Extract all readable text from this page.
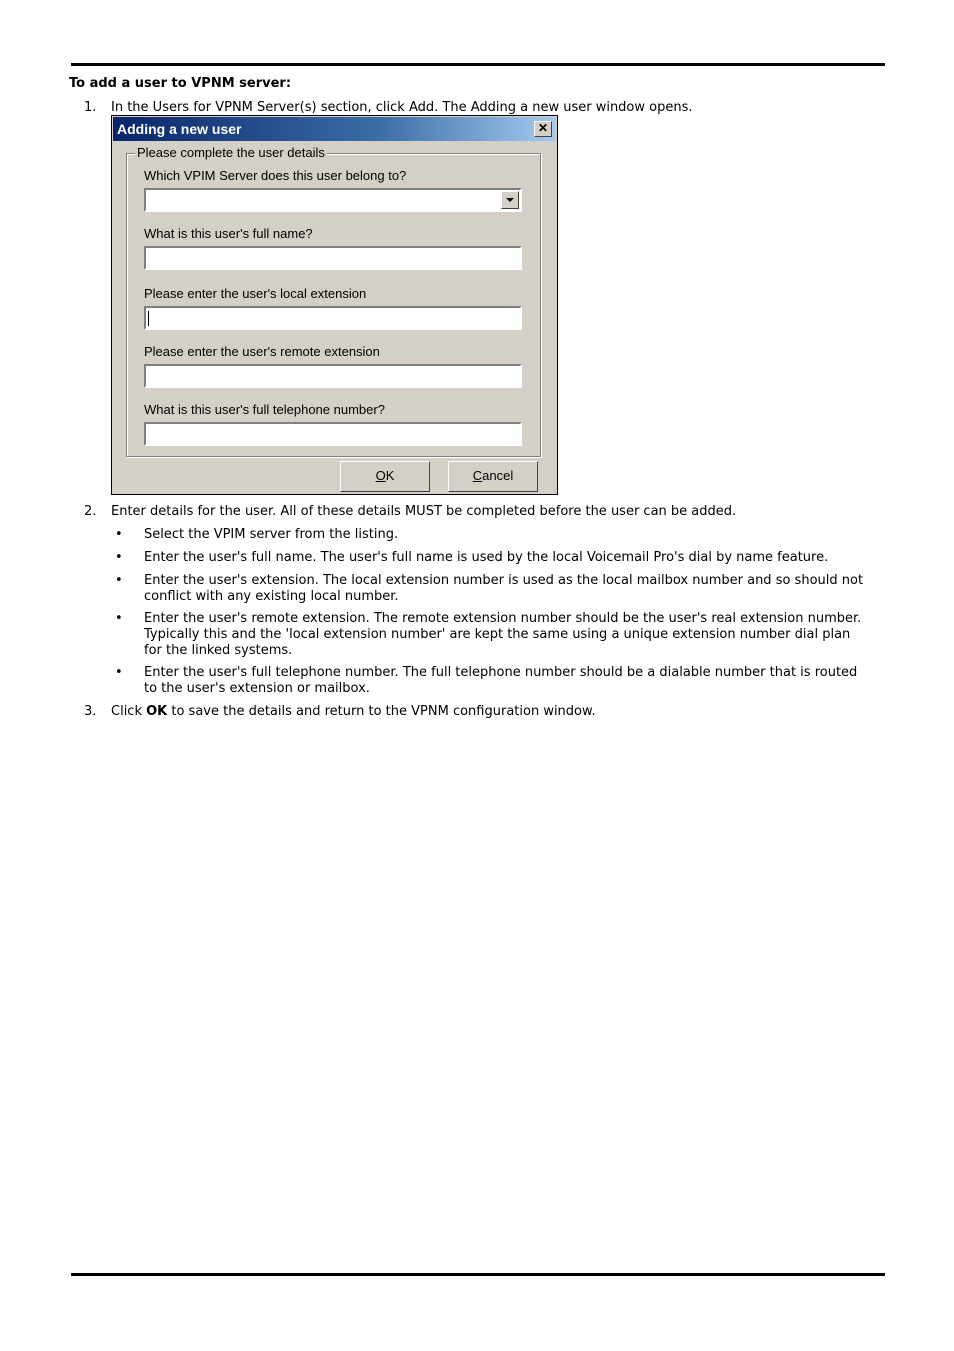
To add a user to VPNM server:
1.	In the Users for VPNM Server(s) section, click Add. The Adding a new user window opens.
Adding a new user	✕
Please complete the user details
Which VPIM Server does this user belong to?
What is this user's full name?
Please enter the user's local extension
Please enter the user's remote extension
What is this user's full telephone number?
OK	Cancel
2.	Enter details for the user. All of these details MUST be completed before the user can be added.
• Select the VPIM server from the listing.
• Enter the user's full name. The user's full name is used by the local Voicemail Pro's dial by name feature.
• Enter the user's extension. The local extension number is used as the local mailbox number and so should not conflict with any existing local number.
• Enter the user's remote extension. The remote extension number should be the user's real extension number. Typically this and the 'local extension number' are kept the same using a unique extension number dial plan for the linked systems.
• Enter the user's full telephone number. The full telephone number should be a dialable number that is routed to the user's extension or mailbox.
3.	Click OK to save the details and return to the VPNM configuration window.
